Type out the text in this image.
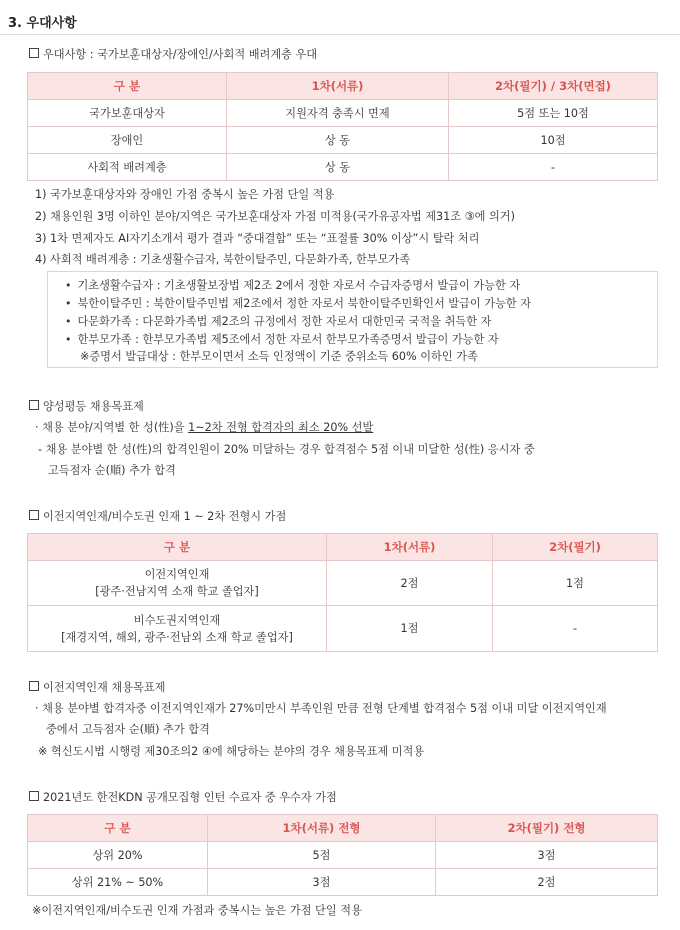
3. 우대사항
우대사항 : 국가보훈대상자/장애인/사회적 배려계층 우대
구 분	1차(서류)	2차(필기) / 3차(면접)
국가보훈대상자	지원자격 충족시 면제	5점 또는 10점
장애인	상 동	10점
사회적 배려계층	상 동	-
1) 국가보훈대상자와 장애인 가점 중복시 높은 가점 단일 적용
2) 채용인원 3명 이하인 분야/지역은 국가보훈대상자 가점 미적용(국가유공자법 제31조 ③에 의거)
3) 1차 면제자도 AI자기소개서 평가 결과 “중대결함” 또는 “표절률 30% 이상”시 탈락 처리
4) 사회적 배려계층 : 기초생활수급자, 북한이탈주민, 다문화가족, 한부모가족
• 기초생활수급자 : 기초생활보장법 제2조 2에서 정한 자로서 수급자증명서 발급이 가능한 자
• 북한이탈주민 : 북한이탈주민법 제2조에서 정한 자로서 북한이탈주민확인서 발급이 가능한 자
• 다문화가족 : 다문화가족법 제2조의 규정에서 정한 자로서 대한민국 국적을 취득한 자
• 한부모가족 : 한부모가족법 제5조에서 정한 자로서 한부모가족증명서 발급이 가능한 자
※증명서 발급대상 : 한부모이면서 소득 인정액이 기준 중위소득 60% 이하인 가족
양성평등 채용목표제
· 채용 분야/지역별 한 성(性)을 1~2차 전형 합격자의 최소 20% 선발
- 채용 분야별 한 성(性)의 합격인원이 20% 미달하는 경우 합격점수 5점 이내 미달한 성(性) 응시자 중
고득점자 순(順) 추가 합격
이전지역인재/비수도권 인재 1 ~ 2차 전형시 가점
구 분	1차(서류)	2차(필기)

이전지역인재
[광주·전남지역 소재 학교 졸업자]	2점	1점

비수도권지역인재
[재경지역, 해외, 광주·전남외 소재 학교 졸업자]	1점	-
이전지역인재 채용목표제
· 채용 분야별 합격자중 이전지역인재가 27%미만시 부족인원 만큼 전형 단계별 합격점수 5점 이내 미달 이전지역인재
중에서 고득점자 순(順) 추가 합격
※ 혁신도시법 시행령 제30조의2 ④에 해당하는 분야의 경우 채용목표제 미적용
2021년도 한전KDN 공개모집형 인턴 수료자 중 우수자 가점
구 분	1차(서류) 전형	2차(필기) 전형
상위 20%	5점	3점
상위 21% ~ 50%	3점	2점
※이전지역인재/비수도권 인재 가점과 중복시는 높은 가점 단일 적용
